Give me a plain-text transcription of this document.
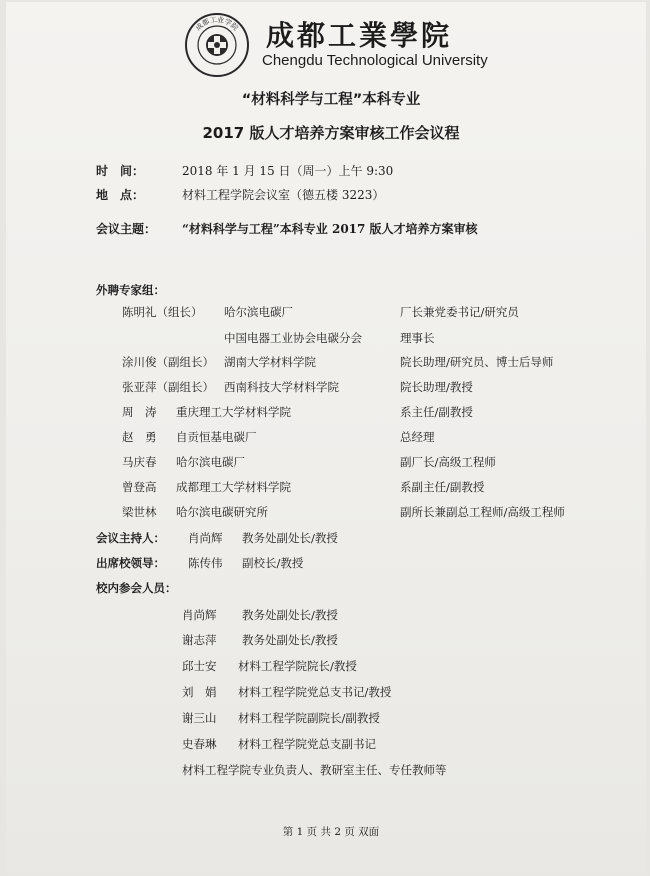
成都工业学院 成都工業學院
Chengdu Technological University
“材料科学与工程”本科专业
2017 版人才培养方案审核工作会议程
时　间：	2018 年 1 月 15 日（周一）上午 9:30
地　点：	材料工程学院会议室（德五楼 3223）
会议主题： “材料科学与工程”本科专业 2017 版人才培养方案审核
外聘专家组：
陈明礼（组长） 哈尔滨电碳厂	厂长兼党委书记/研究员
中国电器工业协会电碳分会	理事长
涂川俊（副组长） 湖南大学材料学院	院长助理/研究员、博士后导师
张亚萍（副组长） 西南科技大学材料学院	院长助理/教授
周　涛 重庆理工大学材料学院	系主任/副教授
赵　勇 自贡恒基电碳厂	总经理
马庆春 哈尔滨电碳厂	副厂长/高级工程师
曾登高 成都理工大学材料学院	系副主任/副教授
梁世林 哈尔滨电碳研究所	副所长兼副总工程师/高级工程师
会议主持人： 肖尚辉 教务处副处长/教授
出席校领导： 陈传伟 副校长/教授
校内参会人员：
肖尚辉 教务处副处长/教授
谢志萍 教务处副处长/教授
邱士安 材料工程学院院长/教授
刘　娟 材料工程学院党总支书记/教授
谢三山 材料工程学院副院长/副教授
史春琳 材料工程学院党总支副书记
材料工程学院专业负责人、教研室主任、专任教师等
第 1 页 共 2 页 双面
